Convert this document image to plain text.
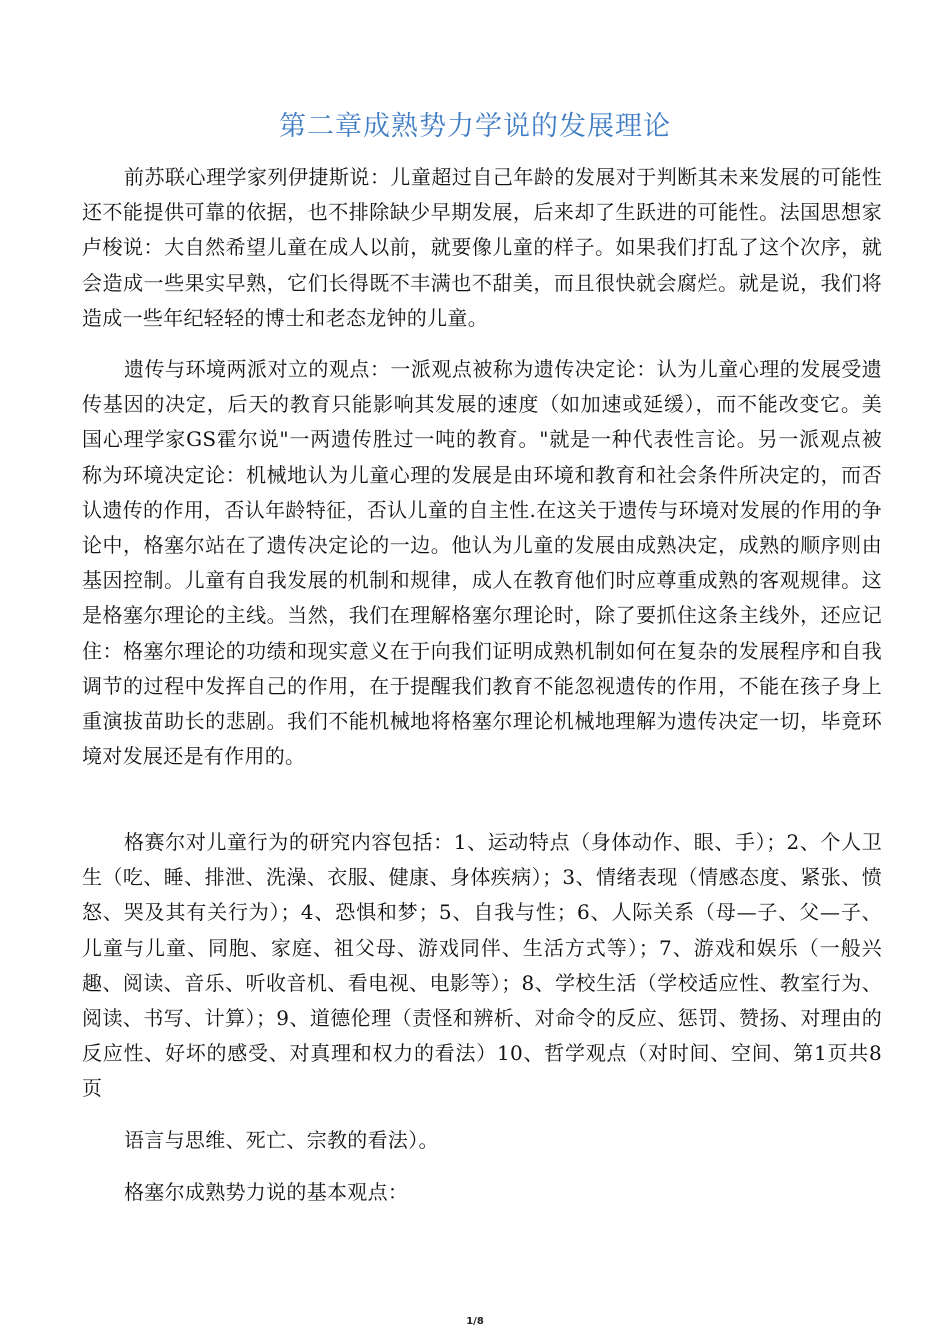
第二章成熟势力学说的发展理论

前苏联心理学家列伊捷斯说：儿童超过自己年龄的发展对于判断其未来发展的可能性还不能提供可靠的依据，也不排除缺少早期发展，后来却了生跃进的可能性。法国思想家卢梭说：大自然希望儿童在成人以前，就要像儿童的样子。如果我们打乱了这个次序，就会造成一些果实早熟，它们长得既不丰满也不甜美，而且很快就会腐烂。就是说，我们将造成一些年纪轻轻的博士和老态龙钟的儿童。

遗传与环境两派对立的观点：一派观点被称为遗传决定论：认为儿童心理的发展受遗传基因的决定，后天的教育只能影响其发展的速度（如加速或延缓），而不能改变它。美国心理学家GS霍尔说"一两遗传胜过一吨的教育。"就是一种代表性言论。另一派观点被称为环境决定论：机械地认为儿童心理的发展是由环境和教育和社会条件所决定的，而否认遗传的作用，否认年龄特征，否认儿童的自主性.在这关于遗传与环境对发展的作用的争论中，格塞尔站在了遗传决定论的一边。他认为儿童的发展由成熟决定，成熟的顺序则由基因控制。儿童有自我发展的机制和规律，成人在教育他们时应尊重成熟的客观规律。这是格塞尔理论的主线。当然，我们在理解格塞尔理论时，除了要抓住这条主线外，还应记住：格塞尔理论的功绩和现实意义在于向我们证明成熟机制如何在复杂的发展程序和自我调节的过程中发挥自己的作用，在于提醒我们教育不能忽视遗传的作用，不能在孩子身上重演拔苗助长的悲剧。我们不能机械地将格塞尔理论机械地理解为遗传决定一切，毕竟环境对发展还是有作用的。

格赛尔对儿童行为的研究内容包括：1、运动特点（身体动作、眼、手）；2、个人卫生（吃、睡、排泄、洗澡、衣服、健康、身体疾病）；3、情绪表现（情感态度、紧张、愤怒、哭及其有关行为）；4、恐惧和梦；5、自我与性；6、人际关系（母—子、父—子、儿童与儿童、同胞、家庭、祖父母、游戏同伴、生活方式等）；7、游戏和娱乐（一般兴趣、阅读、音乐、听收音机、看电视、电影等）；8、学校生活（学校适应性、教室行为、阅读、书写、计算）；9、道德伦理（责怪和辨析、对命令的反应、惩罚、赞扬、对理由的反应性、好坏的感受、对真理和权力的看法）10、哲学观点（对时间、空间、第1页共8页

语言与思维、死亡、宗教的看法）。

格塞尔成熟势力说的基本观点：

1/8
